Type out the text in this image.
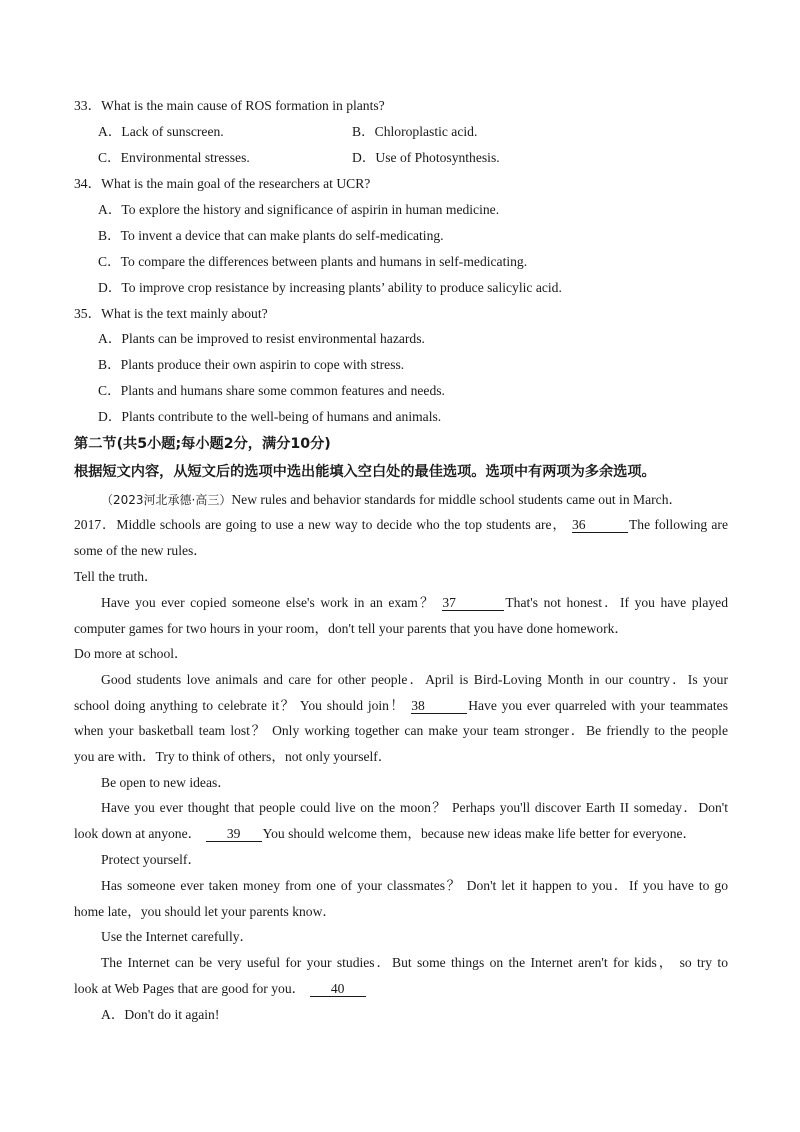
33．What is the main cause of ROS formation in plants?
A．Lack of sunscreen.	B．Chloroplastic acid.
C．Environmental stresses.	D．Use of Photosynthesis.
34．What is the main goal of the researchers at UCR?
A．To explore the history and significance of aspirin in human medicine.
B．To invent a device that can make plants do self-medicating.
C．To compare the differences between plants and humans in self-medicating.
D．To improve crop resistance by increasing plants’ ability to produce salicylic acid.
35．What is the text mainly about?
A．Plants can be improved to resist environmental hazards.
B．Plants produce their own aspirin to cope with stress.
C．Plants and humans share some common features and needs.
D．Plants contribute to the well-being of humans and animals.
第二节(共5小题;每小题2分，满分10分)
根据短文内容，从短文后的选项中选出能填入空白处的最佳选项。选项中有两项为多余选项。
（2023河北承德·高三）New rules and behavior standards for middle school students came out in March．
2017．Middle schools are going to use a new way to decide who the top students are， 36	The following are
some of the new rules．
Tell the truth．
Have you ever copied someone else's work in an exam？ 37	That's not honest．If you have played
computer games for two hours in your room，don't tell your parents that you have done homework．
Do more at school．
Good students love animals and care for other people．April is Bird-Loving Month in our country．Is your
school doing anything to celebrate it？ You should join！ 38	Have you ever quarreled with your teammates
when your basketball team lost？ Only working together can make your team stronger．Be friendly to the people
you are with．Try to think of others，not only yourself．
Be open to new ideas．
Have you ever thought that people could live on the moon？ Perhaps you'll discover Earth II someday．Don't
look down at anyone． 39 You should welcome them，because new ideas make life better for everyone．
Protect yourself．
Has someone ever taken money from one of your classmates？ Don't let it happen to you．If you have to go
home late，you should let your parents know．
Use the Internet carefully．
The Internet can be very useful for your studies．But some things on the Internet aren't for kids， so try to
look at Web Pages that are good for you． 40
A．Don't do it again!
